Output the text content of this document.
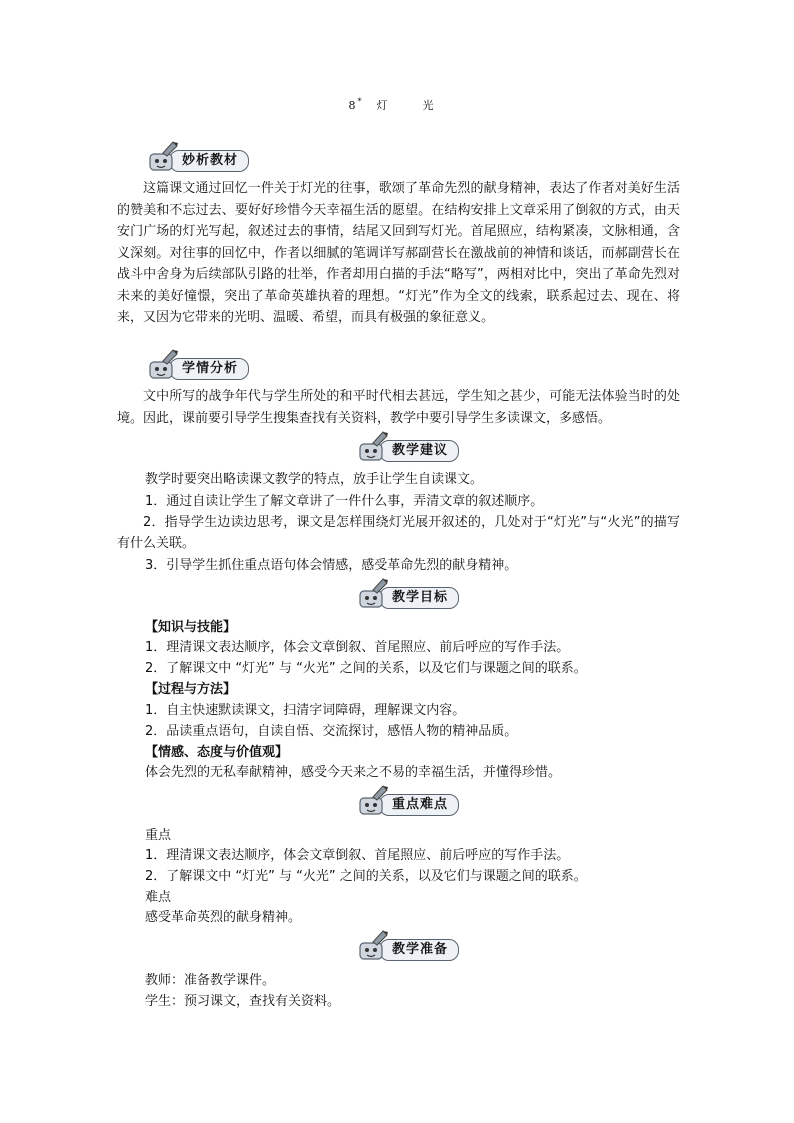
8* 灯　光
妙析教材
这篇课文通过回忆一件关于灯光的往事，歌颂了革命先烈的献身精神，表达了作者对美好生活的赞美和不忘过去、要好好珍惜今天幸福生活的愿望。在结构安排上文章采用了倒叙的方式，由天安门广场的灯光写起，叙述过去的事情，结尾又回到写灯光。首尾照应，结构紧凑，文脉相通，含义深刻。对往事的回忆中，作者以细腻的笔调详写郝副营长在激战前的神情和谈话，而郝副营长在战斗中舍身为后续部队引路的壮举，作者却用白描的手法“略写”，两相对比中，突出了革命先烈对未来的美好憧憬，突出了革命英雄执着的理想。“灯光”作为全文的线索，联系起过去、现在、将来，又因为它带来的光明、温暖、希望，而具有极强的象征意义。
学情分析
文中所写的战争年代与学生所处的和平时代相去甚远，学生知之甚少，可能无法体验当时的处境。因此，课前要引导学生搜集查找有关资料，教学中要引导学生多读课文，多感悟。
教学建议
教学时要突出略读课文教学的特点，放手让学生自读课文。
1．通过自读让学生了解文章讲了一件什么事，弄清文章的叙述顺序。
2．指导学生边读边思考，课文是怎样围绕灯光展开叙述的，几处对于“灯光”与“火光”的描写有什么关联。
3．引导学生抓住重点语句体会情感，感受革命先烈的献身精神。
教学目标
【知识与技能】
1．理清课文表达顺序，体会文章倒叙、首尾照应、前后呼应的写作手法。
2．了解课文中 “灯光” 与 “火光” 之间的关系，以及它们与课题之间的联系。
【过程与方法】
1．自主快速默读课文，扫清字词障碍，理解课文内容。
2．品读重点语句，自读自悟、交流探讨，感悟人物的精神品质。
【情感、态度与价值观】
体会先烈的无私奉献精神，感受今天来之不易的幸福生活，并懂得珍惜。
重点难点
重点
1．理清课文表达顺序，体会文章倒叙、首尾照应、前后呼应的写作手法。
2．了解课文中 “灯光” 与 “火光” 之间的关系，以及它们与课题之间的联系。
难点
感受革命英烈的献身精神。
教学准备
教师：准备教学课件。
学生：预习课文，查找有关资料。
